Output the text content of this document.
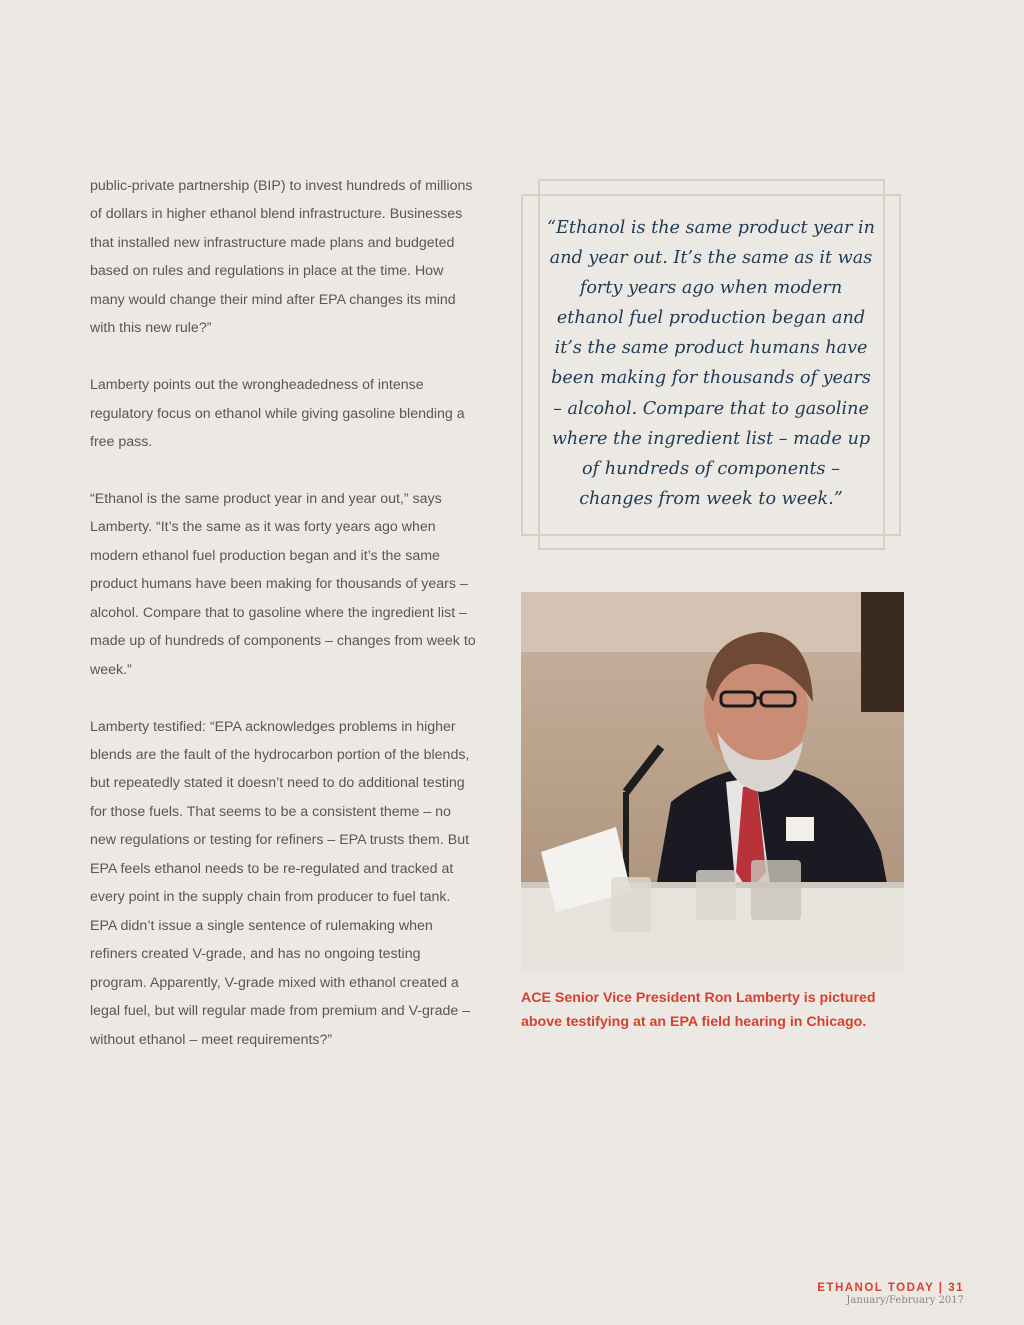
public-private partnership (BIP) to invest hundreds of millions of dollars in higher ethanol blend infrastructure. Businesses that installed new infrastructure made plans and budgeted based on rules and regulations in place at the time. How many would change their mind after EPA changes its mind with this new rule?”

Lamberty points out the wrongheadedness of intense regulatory focus on ethanol while giving gasoline blending a free pass.

“Ethanol is the same product year in and year out,” says Lamberty. “It’s the same as it was forty years ago when modern ethanol fuel production began and it’s the same product humans have been making for thousands of years – alcohol. Compare that to gasoline where the ingredient list – made up of hundreds of components – changes from week to week.”

Lamberty testified: “EPA acknowledges problems in higher blends are the fault of the hydrocarbon portion of the blends, but repeatedly stated it doesn’t need to do additional testing for those fuels. That seems to be a consistent theme – no new regulations or testing for refiners – EPA trusts them. But EPA feels ethanol needs to be re-regulated and tracked at every point in the supply chain from producer to fuel tank. EPA didn’t issue a single sentence of rulemaking when refiners created V-grade, and has no ongoing testing program. Apparently, V-grade mixed with ethanol created a legal fuel, but will regular made from premium and V-grade – without ethanol – meet requirements?”

“Ethanol is the same product year in and year out. It’s the same as it was forty years ago when modern ethanol fuel production began and it’s the same product humans have been making for thousands of years – alcohol. Compare that to gasoline where the ingredient list – made up of hundreds of components – changes from week to week.”
ACE Senior Vice President Ron Lamberty is pictured above testifying at an EPA field hearing in Chicago.
ETHANOL TODAY | 31
January/February 2017
